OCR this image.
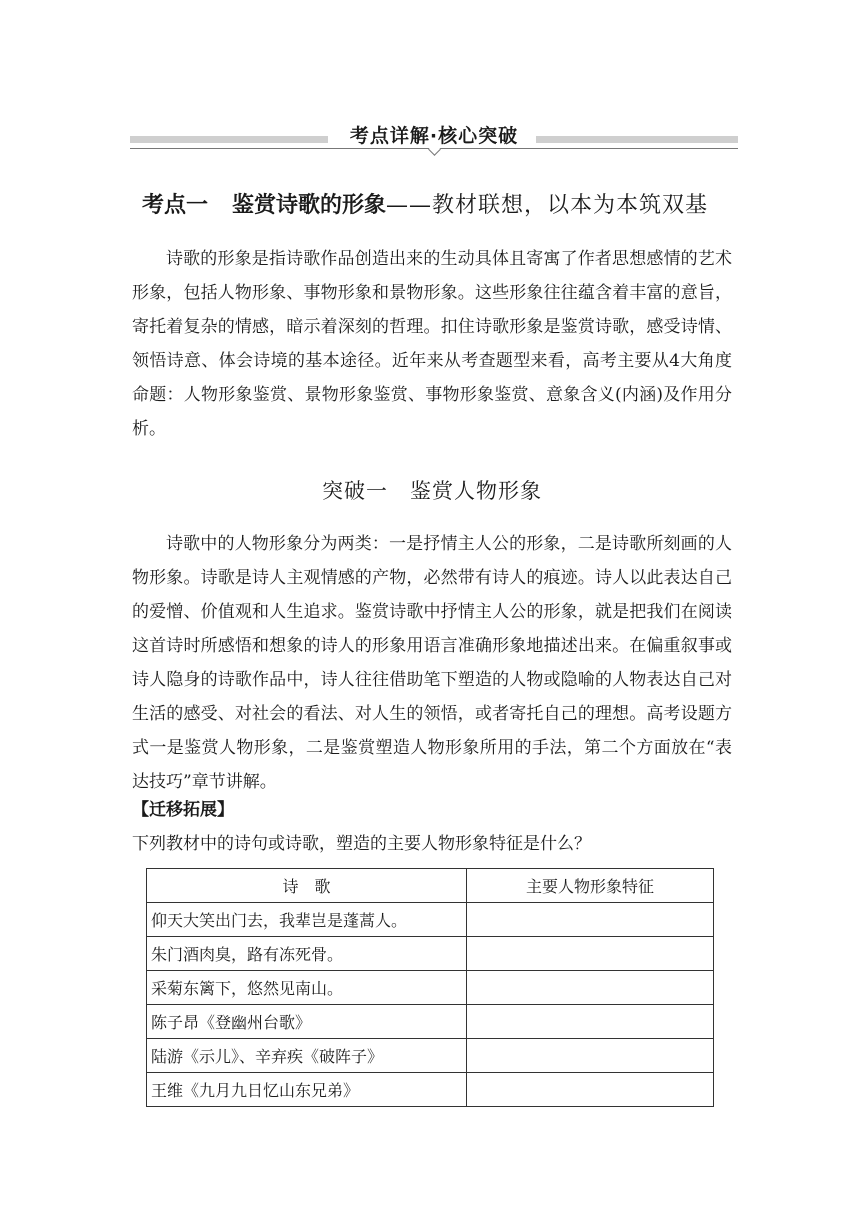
考点详解·核心突破
考点一 鉴赏诗歌的形象——教材联想，以本为本筑双基

诗歌的形象是指诗歌作品创造出来的生动具体且寄寓了作者思想感情的艺术形象，包括人物形象、事物形象和景物形象。这些形象往往蕴含着丰富的意旨，寄托着复杂的情感，暗示着深刻的哲理。扣住诗歌形象是鉴赏诗歌，感受诗情、领悟诗意、体会诗境的基本途径。近年来从考查题型来看，高考主要从4大角度命题：人物形象鉴赏、景物形象鉴赏、事物形象鉴赏、意象含义(内涵)及作用分析。

突破一　鉴赏人物形象

诗歌中的人物形象分为两类：一是抒情主人公的形象，二是诗歌所刻画的人物形象。诗歌是诗人主观情感的产物，必然带有诗人的痕迹。诗人以此表达自己的爱憎、价值观和人生追求。鉴赏诗歌中抒情主人公的形象，就是把我们在阅读这首诗时所感悟和想象的诗人的形象用语言准确形象地描述出来。在偏重叙事或诗人隐身的诗歌作品中，诗人往往借助笔下塑造的人物或隐喻的人物表达自己对生活的感受、对社会的看法、对人生的领悟，或者寄托自己的理想。高考设题方式一是鉴赏人物形象，二是鉴赏塑造人物形象所用的手法，第二个方面放在“表达技巧”章节讲解。

【迁移拓展】
下列教材中的诗句或诗歌，塑造的主要人物形象特征是什么？
诗　歌	主要人物形象特征
仰天大笑出门去，我辈岂是蓬蒿人。	
朱门酒肉臭，路有冻死骨。	
采菊东篱下，悠然见南山。	
陈子昂《登幽州台歌》	
陆游《示儿》、辛弃疾《破阵子》	
王维《九月九日忆山东兄弟》	
